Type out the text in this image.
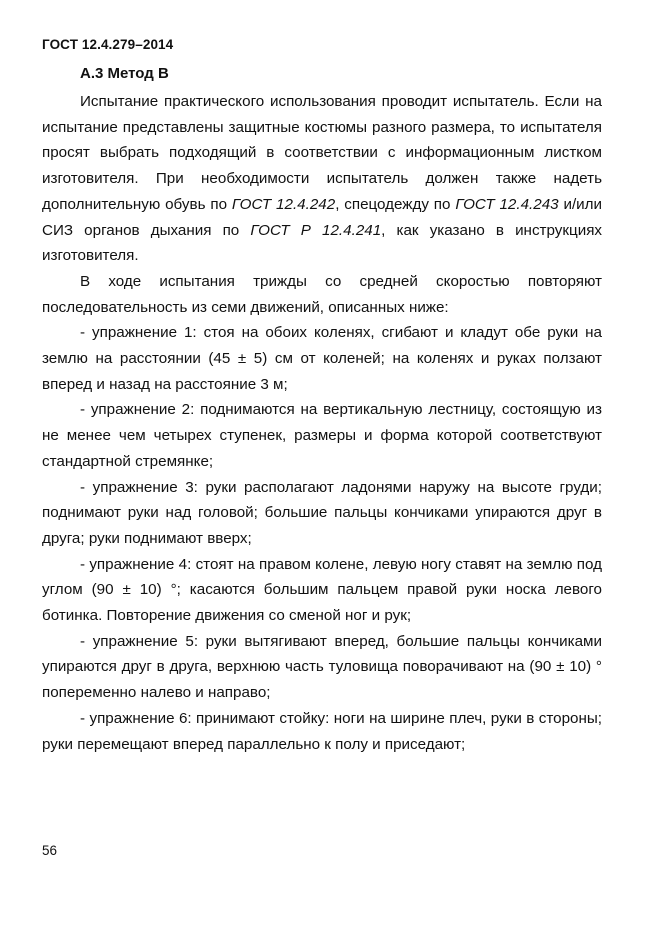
ГОСТ 12.4.279–2014
А.3 Метод В

Испытание практического использования проводит испытатель. Если на испытание представлены защитные костюмы разного размера, то испытателя просят выбрать подходящий в соответствии с информационным листком изготовителя. При необходимости испытатель должен также надеть дополнительную обувь по ГОСТ 12.4.242, спецодежду по ГОСТ 12.4.243 и/или СИЗ органов дыхания по ГОСТ Р 12.4.241, как указано в инструкциях изготовителя.

В ходе испытания трижды со средней скоростью повторяют последовательность из семи движений, описанных ниже:

- упражнение 1: стоя на обоих коленях, сгибают и кладут обе руки на землю на расстоянии (45 ± 5) см от коленей; на коленях и руках ползают вперед и назад на расстояние 3 м;

- упражнение 2: поднимаются на вертикальную лестницу, состоящую из не менее чем четырех ступенек, размеры и форма которой соответствуют стандартной стремянке;

- упражнение 3: руки располагают ладонями наружу на высоте груди; поднимают руки над головой; большие пальцы кончиками упираются друг в друга; руки поднимают вверх;

- упражнение 4: стоят на правом колене, левую ногу ставят на землю под углом (90 ± 10) °; касаются большим пальцем правой руки носка левого ботинка. Повторение движения со сменой ног и рук;

- упражнение 5: руки вытягивают вперед, большие пальцы кончиками упираются друг в друга, верхнюю часть туловища поворачивают на (90 ± 10) ° попеременно налево и направо;

- упражнение 6: принимают стойку: ноги на ширине плеч, руки в стороны; руки перемещают вперед параллельно к полу и приседают;

56
